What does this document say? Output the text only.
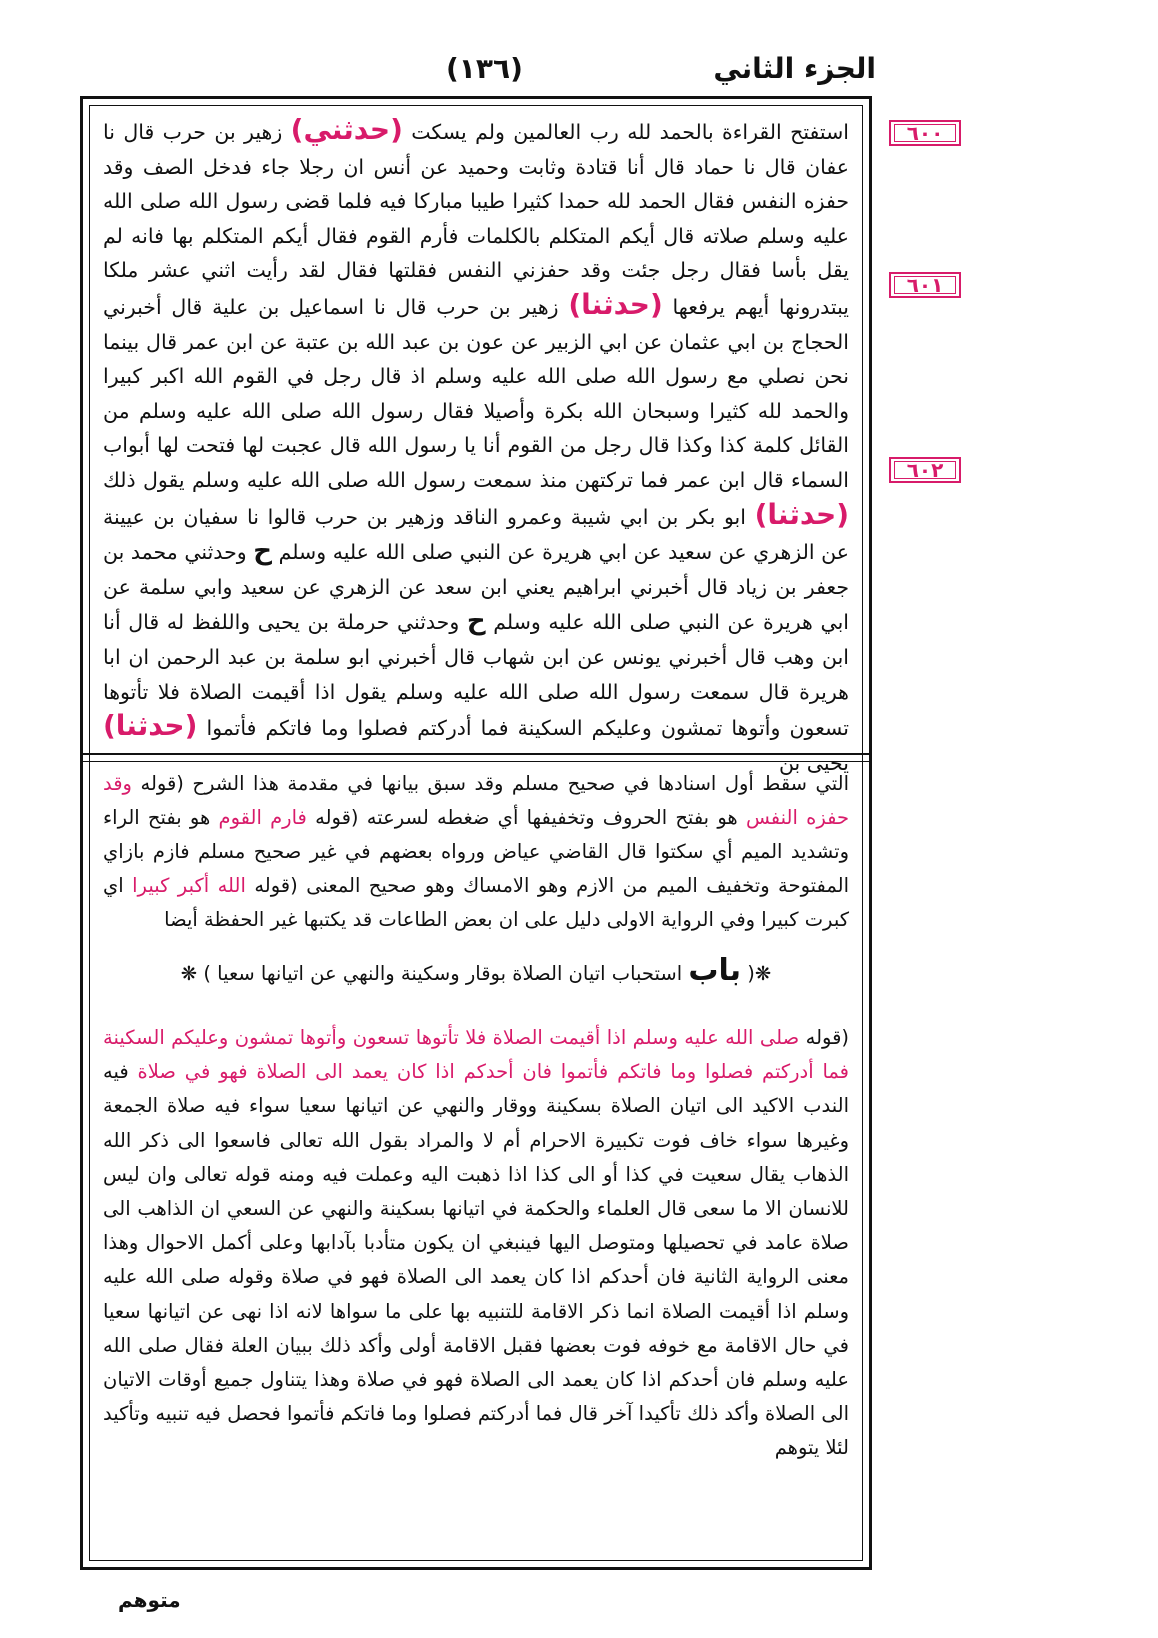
(١٣٦)	الجزء الثاني
٦٠٠
٦٠١
٦٠٢
استفتح القراءة بالحمد لله رب العالمين ولم يسكت (حدثني) زهير بن حرب قال نا عفان قال نا حماد قال أنا قتادة وثابت وحميد عن أنس ان رجلا جاء فدخل الصف وقد حفزه النفس فقال الحمد لله حمدا كثيرا طيبا مباركا فيه فلما قضى رسول الله صلى الله عليه وسلم صلاته قال أيكم المتكلم بالكلمات فأرم القوم فقال أيكم المتكلم بها فانه لم يقل بأسا فقال رجل جئت وقد حفزني النفس فقلتها فقال لقد رأيت اثني عشر ملكا يبتدرونها أيهم يرفعها (حدثنا) زهير بن حرب قال نا اسماعيل بن علية قال أخبرني الحجاج بن ابي عثمان عن ابي الزبير عن عون بن عبد الله بن عتبة عن ابن عمر قال بينما نحن نصلي مع رسول الله صلى الله عليه وسلم اذ قال رجل في القوم الله اكبر كبيرا والحمد لله كثيرا وسبحان الله بكرة وأصيلا فقال رسول الله صلى الله عليه وسلم من القائل كلمة كذا وكذا قال رجل من القوم أنا يا رسول الله قال عجبت لها فتحت لها أبواب السماء قال ابن عمر فما تركتهن منذ سمعت رسول الله صلى الله عليه وسلم يقول ذلك (حدثنا) ابو بكر بن ابي شيبة وعمرو الناقد وزهير بن حرب قالوا نا سفيان بن عيينة عن الزهري عن سعيد عن ابي هريرة عن النبي صلى الله عليه وسلم ح وحدثني محمد بن جعفر بن زياد قال أخبرني ابراهيم يعني ابن سعد عن الزهري عن سعيد وابي سلمة عن ابي هريرة عن النبي صلى الله عليه وسلم ح وحدثني حرملة بن يحيى واللفظ له قال أنا ابن وهب قال أخبرني يونس عن ابن شهاب قال أخبرني ابو سلمة بن عبد الرحمن ان ابا هريرة قال سمعت رسول الله صلى الله عليه وسلم يقول اذا أقيمت الصلاة فلا تأتوها تسعون وأتوها تمشون وعليكم السكينة فما أدركتم فصلوا وما فاتكم فأتموا (حدثنا) يحيى بن
التي سقط أول اسنادها في صحيح مسلم وقد سبق بيانها في مقدمة هذا الشرح (قوله وقد حفزه النفس هو بفتح الحروف وتخفيفها أي ضغطه لسرعته (قوله فارم القوم هو بفتح الراء وتشديد الميم أي سكتوا قال القاضي عياض ورواه بعضهم في غير صحيح مسلم فازم بازاي المفتوحة وتخفيف الميم من الازم وهو الامساك وهو صحيح المعنى (قوله الله أكبر كبيرا اي كبرت كبيرا وفي الرواية الاولى دليل على ان بعض الطاعات قد يكتبها غير الحفظة أيضا
❋( باب استحباب اتيان الصلاة بوقار وسكينة والنهي عن اتيانها سعيا ) ❋
(قوله صلى الله عليه وسلم اذا أقيمت الصلاة فلا تأتوها تسعون وأتوها تمشون وعليكم السكينة فما أدركتم فصلوا وما فاتكم فأتموا فان أحدكم اذا كان يعمد الى الصلاة فهو في صلاة فيه الندب الاكيد الى اتيان الصلاة بسكينة ووقار والنهي عن اتيانها سعيا سواء فيه صلاة الجمعة وغيرها سواء خاف فوت تكبيرة الاحرام أم لا والمراد بقول الله تعالى فاسعوا الى ذكر الله الذهاب يقال سعيت في كذا أو الى كذا اذا ذهبت اليه وعملت فيه ومنه قوله تعالى وان ليس للانسان الا ما سعى قال العلماء والحكمة في اتيانها بسكينة والنهي عن السعي ان الذاهب الى صلاة عامد في تحصيلها ومتوصل اليها فينبغي ان يكون متأدبا بآدابها وعلى أكمل الاحوال وهذا معنى الرواية الثانية فان أحدكم اذا كان يعمد الى الصلاة فهو في صلاة وقوله صلى الله عليه وسلم اذا أقيمت الصلاة انما ذكر الاقامة للتنبيه بها على ما سواها لانه اذا نهى عن اتيانها سعيا في حال الاقامة مع خوفه فوت بعضها فقبل الاقامة أولى وأكد ذلك ببيان العلة فقال صلى الله عليه وسلم فان أحدكم اذا كان يعمد الى الصلاة فهو في صلاة وهذا يتناول جميع أوقات الاتيان الى الصلاة وأكد ذلك تأكيدا آخر قال فما أدركتم فصلوا وما فاتكم فأتموا فحصل فيه تنبيه وتأكيد لئلا يتوهم
متوهم
